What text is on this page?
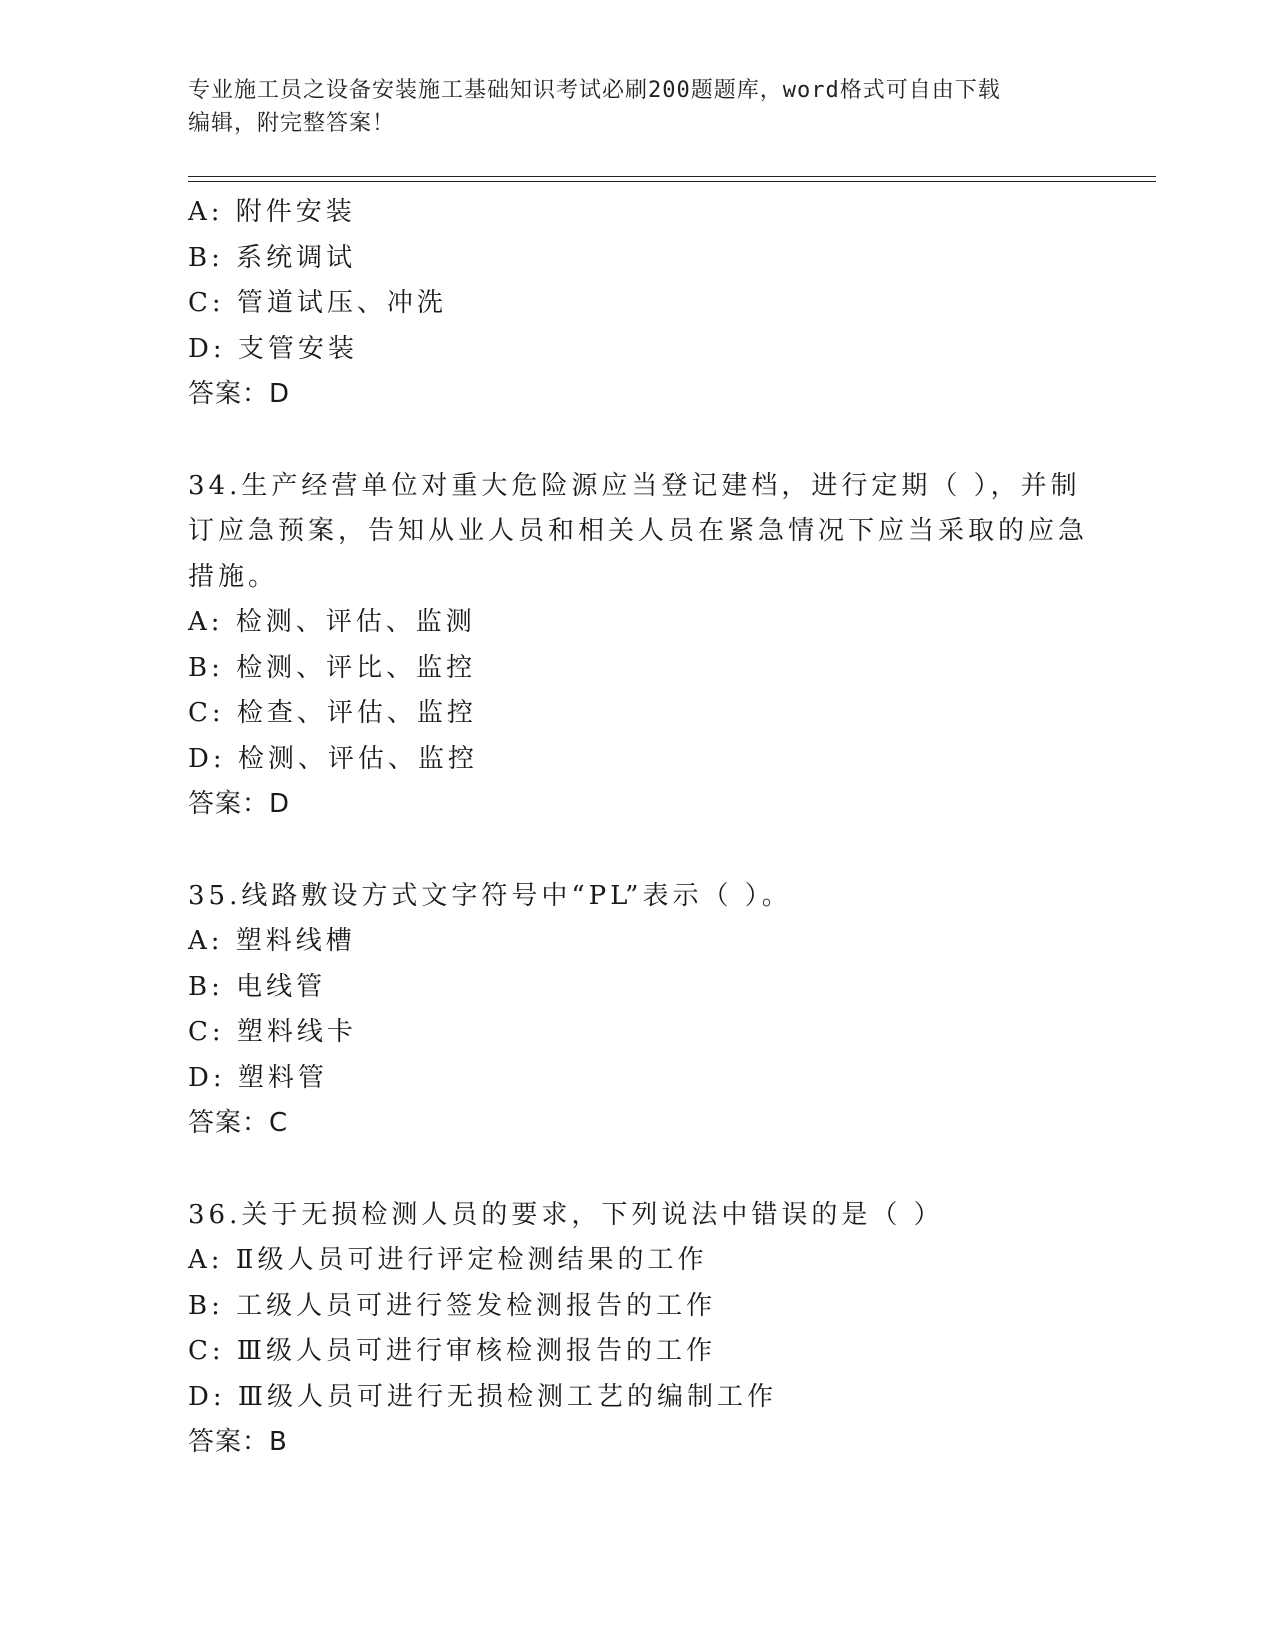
专业施工员之设备安装施工基础知识考试必刷200题题库，word格式可自由下载
编辑，附完整答案！
A: 附件安装
B: 系统调试
C: 管道试压、冲洗
D: 支管安装
答案：D
34.生产经营单位对重大危险源应当登记建档，进行定期（ ），并制
订应急预案，告知从业人员和相关人员在紧急情况下应当采取的应急
措施。
A: 检测、评估、监测
B: 检测、评比、监控
C: 检查、评估、监控
D: 检测、评估、监控
答案：D
35.线路敷设方式文字符号中“PL”表示（ ）。
A: 塑料线槽
B: 电线管
C: 塑料线卡
D: 塑料管
答案：C
36.关于无损检测人员的要求，下列说法中错误的是（ ）
A: Ⅱ级人员可进行评定检测结果的工作
B: 工级人员可进行签发检测报告的工作
C: Ⅲ级人员可进行审核检测报告的工作
D: Ⅲ级人员可进行无损检测工艺的编制工作
答案：B
